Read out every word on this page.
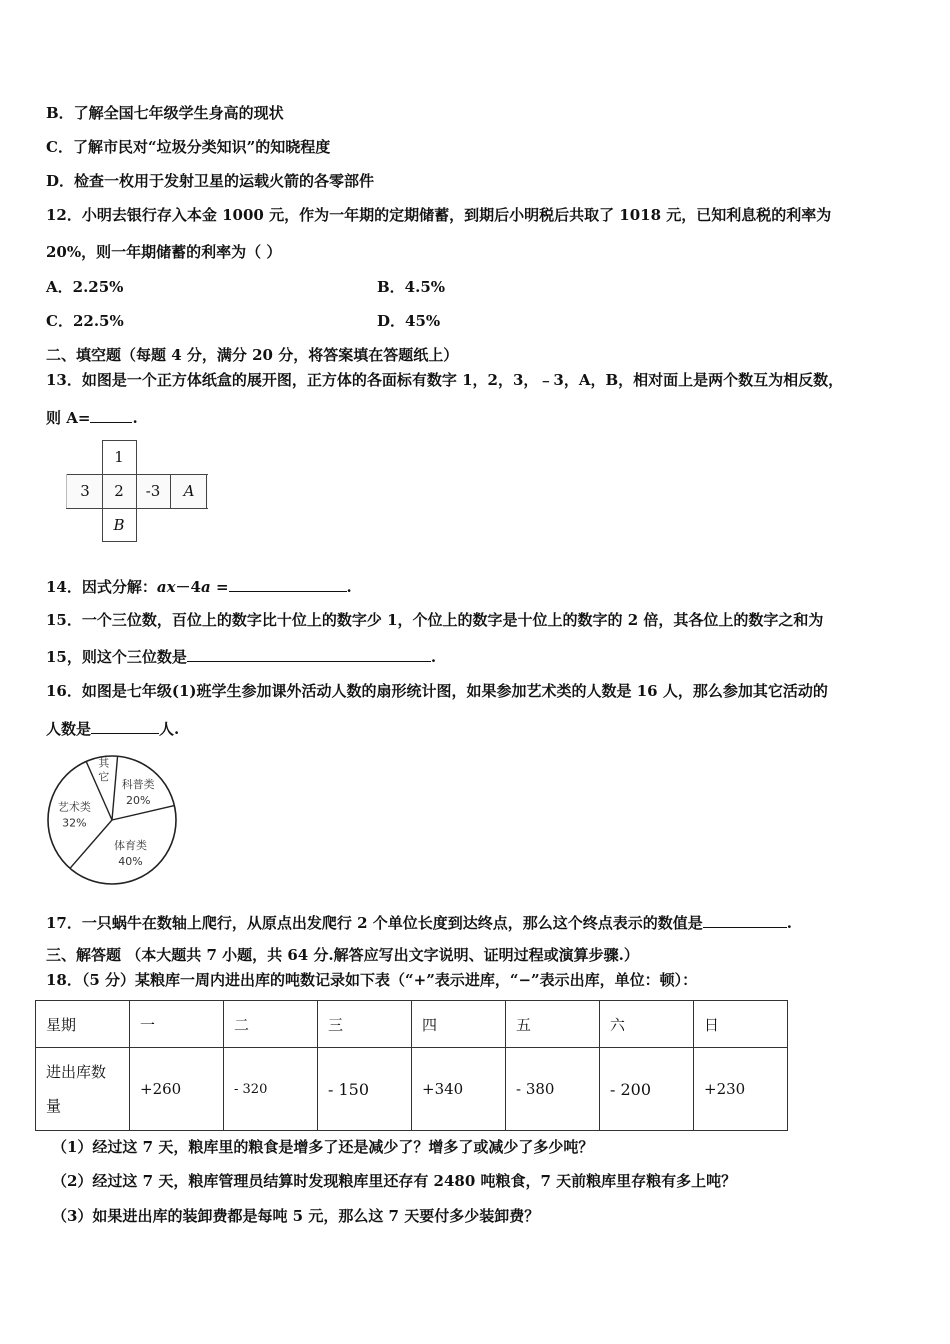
B．了解全国七年级学生身高的现状
C．了解市民对“垃圾分类知识”的知晓程度
D．检查一枚用于发射卫星的运载火箭的各零部件
12．小明去银行存入本金 1000 元，作为一年期的定期储蓄，到期后小明税后共取了 1018 元，已知利息税的利率为
20%，则一年期储蓄的利率为（ ）
A．2.25%	B．4.5%
C．22.5%	D．45%
二、填空题（每题 4 分，满分 20 分，将答案填在答题纸上）
13．如图是一个正方体纸盒的展开图，正方体的各面标有数字 1，2，3，﹣3，A，B，相对面上是两个数互为相反数，
则 A=	.
1
3	2	-3	A
B
14．因式分解：ax－4a =	.
15．一个三位数，百位上的数字比十位上的数字少 1，个位上的数字是十位上的数字的 2 倍，其各位上的数字之和为
15，则这个三位数是	.
16．如图是七年级(1)班学生参加课外活动人数的扇形统计图，如果参加艺术类的人数是 16 人，那么参加其它活动的
人数是	人.
科普类
20%
体育类
40%
艺术类
32%
其
它
17．一只蜗牛在数轴上爬行，从原点出发爬行 2 个单位长度到达终点，那么这个终点表示的数值是	.
三、解答题 （本大题共 7 小题，共 64 分.解答应写出文字说明、证明过程或演算步骤.）
18．（5 分）某粮库一周内进出库的吨数记录如下表（“+”表示进库，“−”表示出库，单位：顿）：
星期	一	二	三	四	五	六	日
进出库数
量	+260	- 320	- 150	+340	- 380	- 200	+230
（1）经过这 7 天，粮库里的粮食是增多了还是减少了？增多了或减少了多少吨？
（2）经过这 7 天，粮库管理员结算时发现粮库里还存有 2480 吨粮食，7 天前粮库里存粮有多上吨？
（3）如果进出库的装卸费都是每吨 5 元，那么这 7 天要付多少装卸费？
